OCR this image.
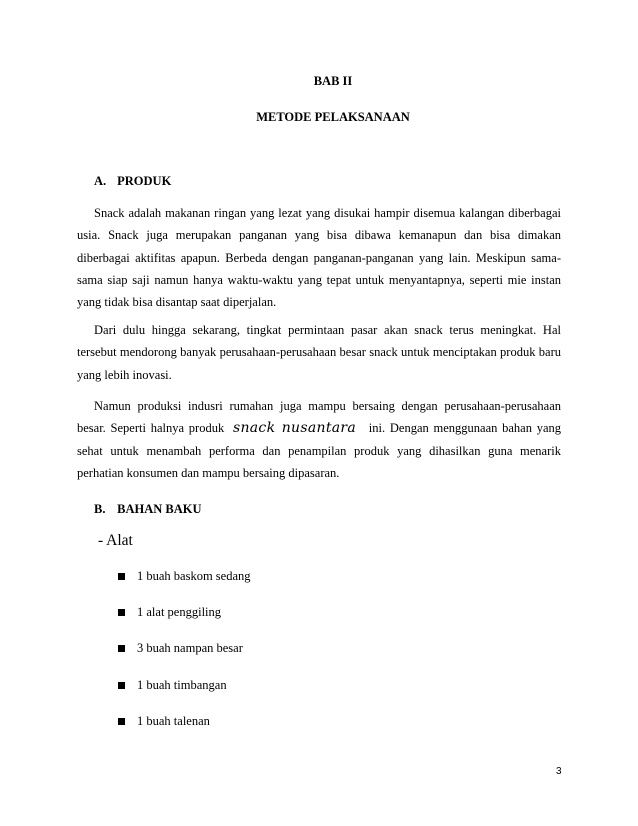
BAB II
METODE PELAKSANAAN
A. PRODUK

Snack adalah makanan ringan yang lezat yang disukai hampir disemua kalangan diberbagai usia. Snack juga merupakan panganan yang bisa dibawa kemanapun dan bisa dimakan diberbagai aktifitas apapun. Berbeda dengan panganan-panganan yang lain. Meskipun sama-sama siap saji namun hanya waktu-waktu yang tepat untuk menyantapnya, seperti mie instan yang tidak bisa disantap saat diperjalan.

Dari dulu hingga sekarang, tingkat permintaan pasar akan snack terus meningkat. Hal tersebut mendorong banyak perusahaan-perusahaan besar snack untuk menciptakan produk baru yang lebih inovasi.

Namun produksi indusri rumahan juga mampu bersaing dengan perusahaan-perusahaan besar. Seperti halnya produk snack nusantara ini. Dengan menggunaan bahan yang sehat untuk menambah performa dan penampilan produk yang dihasilkan guna menarik perhatian konsumen dan mampu bersaing dipasaran.

B. BAHAN BAKU
- Alat
1 buah baskom sedang
1 alat penggiling
3 buah nampan besar
1 buah timbangan
1 buah talenan
3
